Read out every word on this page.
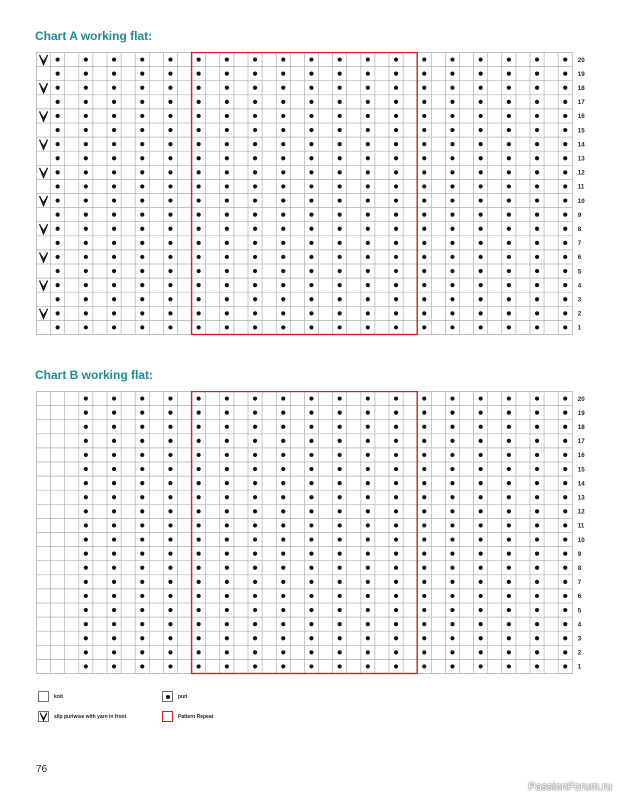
Chart A working flat:

20
19
18
17
16
15
14
13
12
11
10
9
8
7
6
5
4
3
2
1

Chart B working flat:

20
19
18
17
16
15
14
13
12
11
10
9
8
7
6
5
4
3
2
1
knit	purl
slip purlwise with yarn in front	Pattern Repeat

76

PassionForum.ru
